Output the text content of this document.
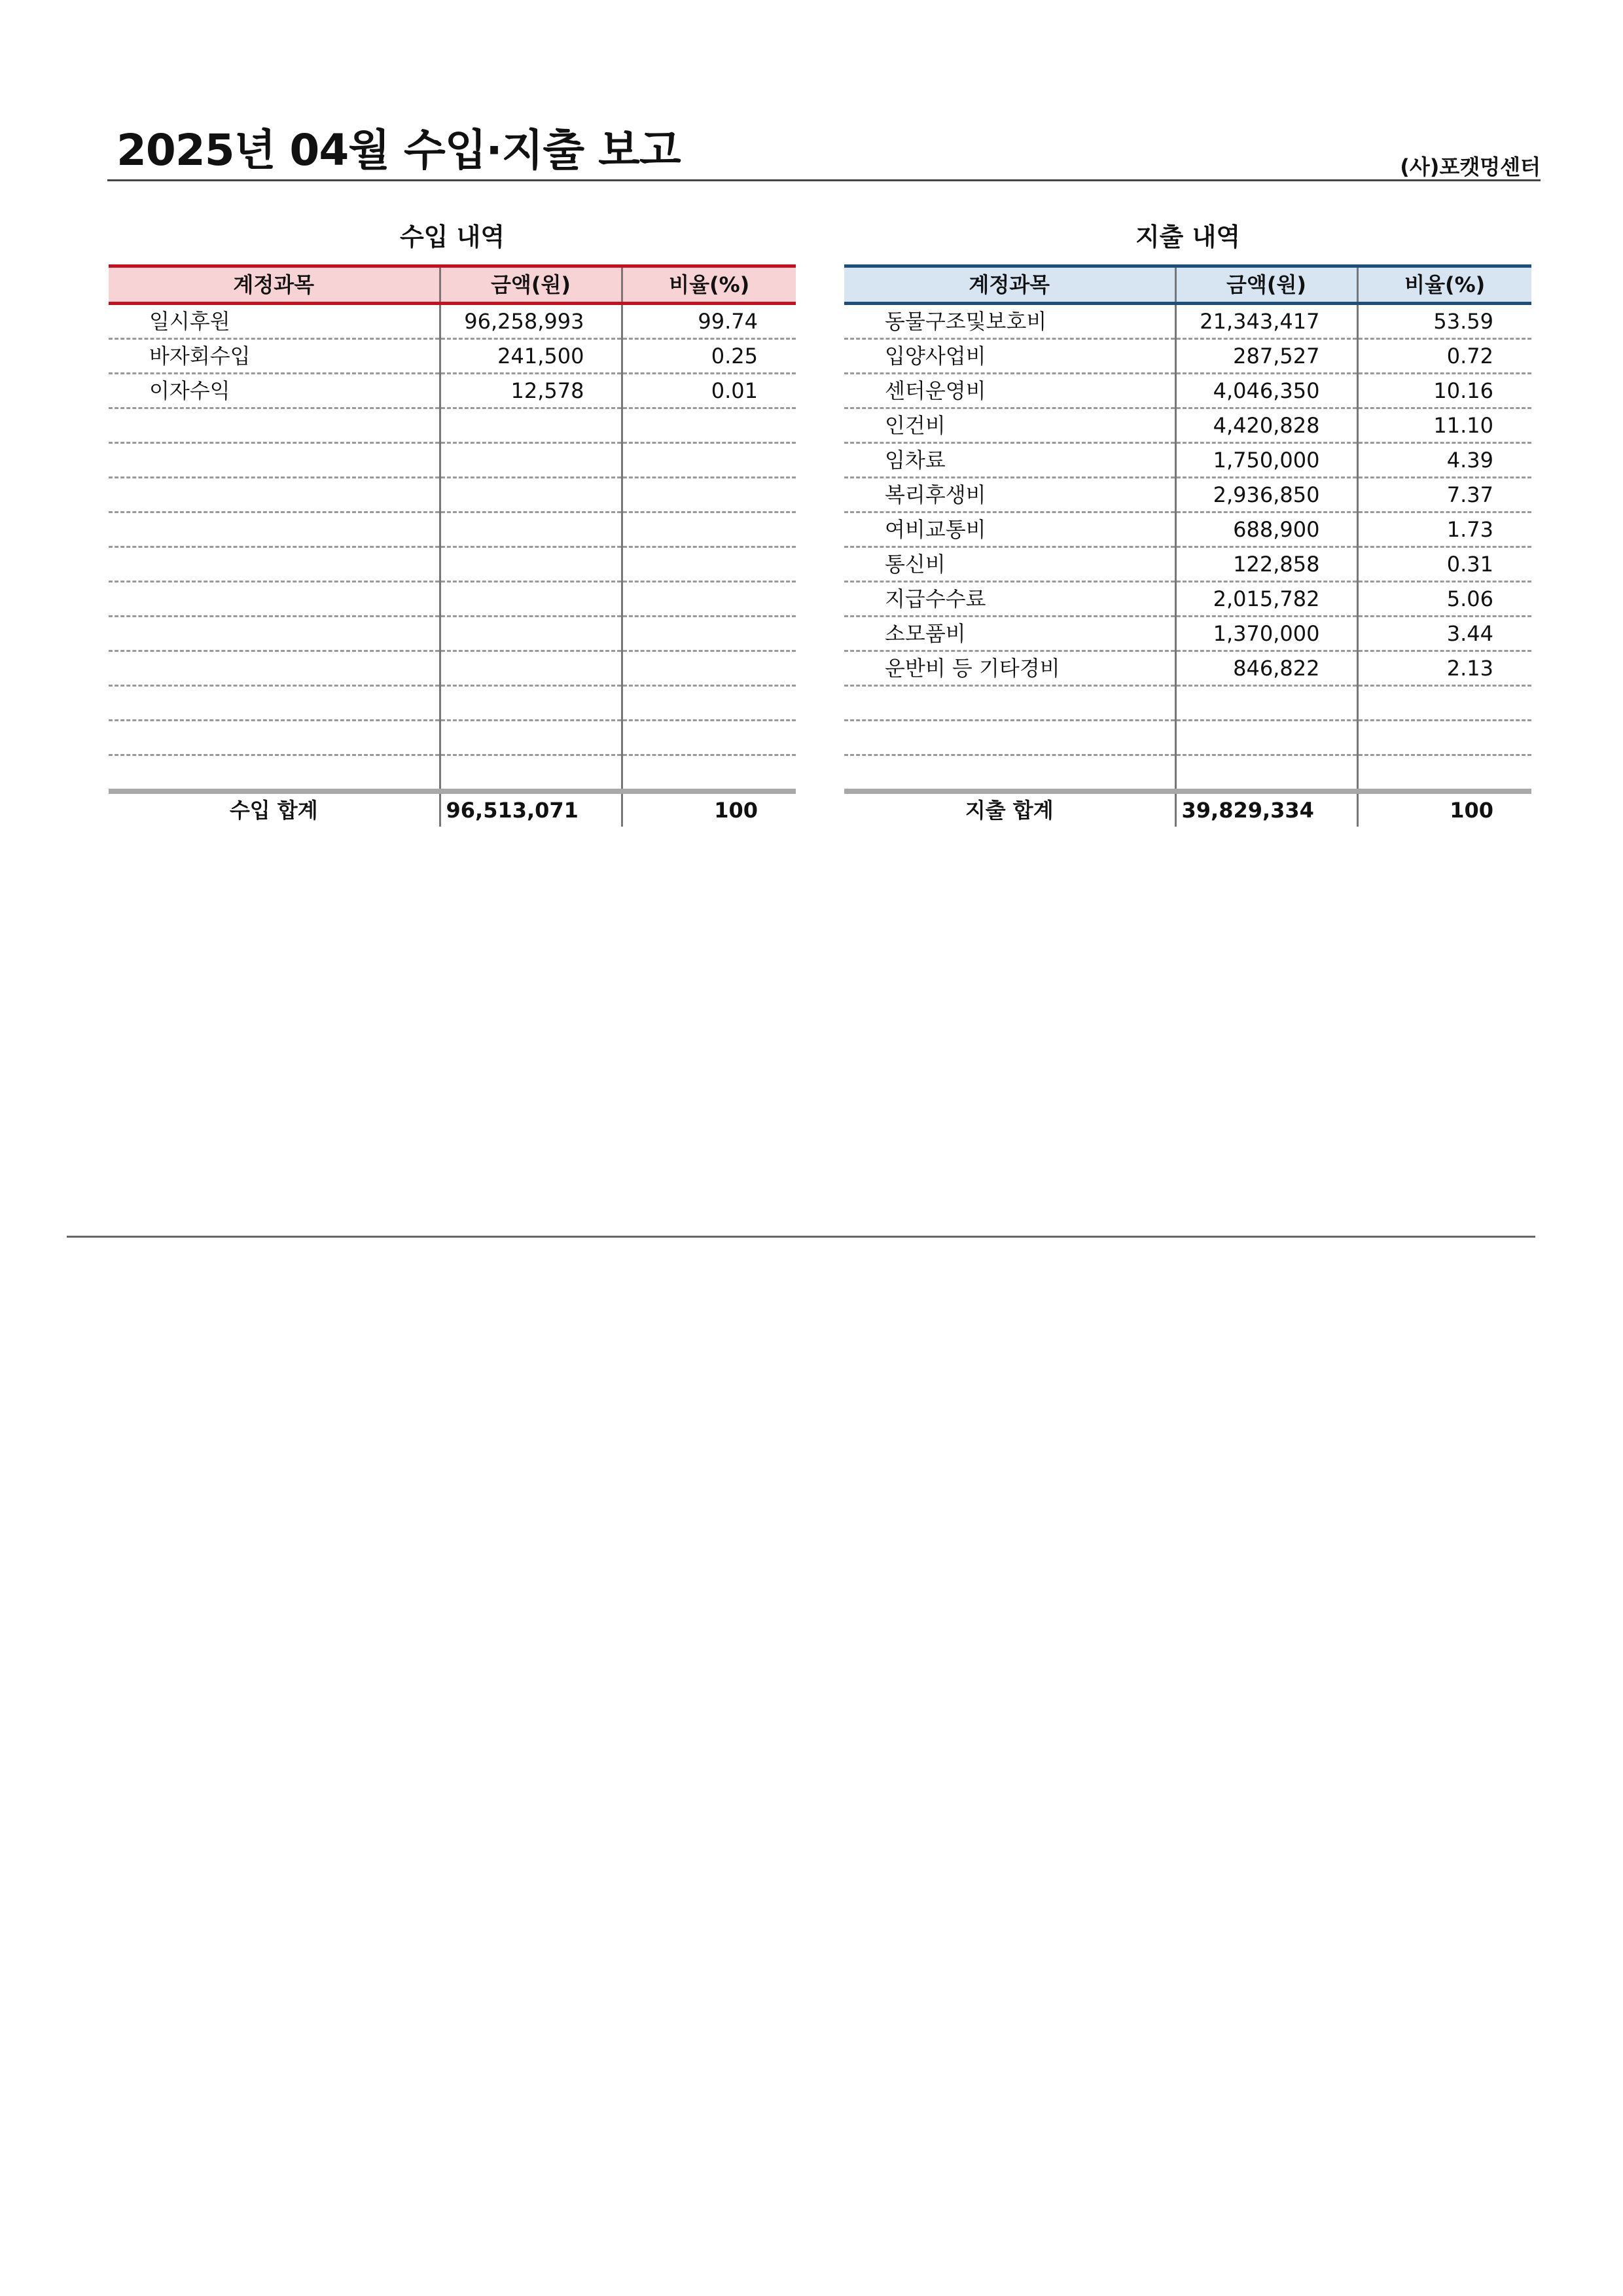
2025년 04월 수입·지출 보고	(사)포캣멍센터
수입 내역
계정과목	금액(원)	비율(%)
일시후원	96,258,993	99.74
바자회수입	241,500	0.25
이자수익	12,578	0.01

수입 합계	96,513,071	100
지출 내역
계정과목	금액(원)	비율(%)
동물구조및보호비	21,343,417	53.59
입양사업비	287,527	0.72
센터운영비	4,046,350	10.16
인건비	4,420,828	11.10
임차료	1,750,000	4.39
복리후생비	2,936,850	7.37
여비교통비	688,900	1.73
통신비	122,858	0.31
지급수수료	2,015,782	5.06
소모품비	1,370,000	3.44
운반비 등 기타경비	846,822	2.13

지출 합계	39,829,334	100
